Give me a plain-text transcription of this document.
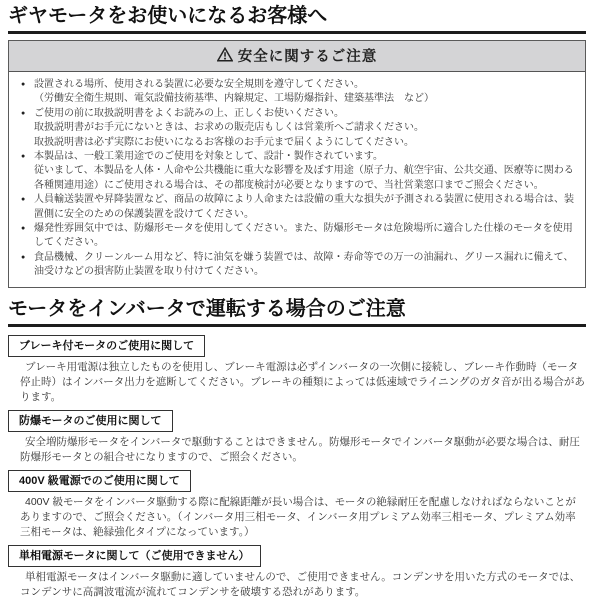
ギヤモータをお使いになるお客様へ
安全に関するご注意
● 設置される場所、使用される装置に必要な安全規則を遵守してください。
（労働安全衛生規則、電気設備技術基準、内線規定、工場防爆指針、建築基準法　など）
● ご使用の前に取扱説明書をよくお読みの上、正しくお使いください。
取扱説明書がお手元にないときは、お求めの販売店もしくは営業所へご請求ください。
取扱説明書は必ず実際にお使いになるお客様のお手元まで届くようにしてください。
● 本製品は、一般工業用途でのご使用を対象として、設計・製作されています。
従いまして、本製品を人体・人命や公共機能に重大な影響を及ぼす用途（原子力、航空宇宙、公共交通、医療等に関わる各種関連用途）にご使用される場合は、その都度検討が必要となりますので、当社営業窓口までご照会ください。
● 人員輸送装置や昇降装置など、商品の故障により人命または設備の重大な損失が予測される装置に使用される場合は、装置側に安全のための保護装置を設けてください。
● 爆発性雰囲気中では、防爆形モータを使用してください。また、防爆形モータは危険場所に適合した仕様のモータを使用してください。
● 食品機械、クリーンルーム用など、特に油気を嫌う装置では、故障・寿命等での万一の油漏れ、グリース漏れに備えて、油受けなどの損害防止装置を取り付けてください。
モータをインバータで運転する場合のご注意
ブレーキ付モータのご使用に関して
ブレーキ用電源は独立したものを使用し、ブレーキ電源は必ずインバータの一次側に接続し、ブレーキ作動時（モータ停止時）はインバータ出力を遮断してください。ブレーキの種類によっては低速域でライニングのガタ音が出る場合があります。
防爆モータのご使用に関して
安全増防爆形モータをインバータで駆動することはできません。防爆形モータでインバータ駆動が必要な場合は、耐圧防爆形モータとの組合せになりますので、ご照会ください。
400V 級電源でのご使用に関して
400V 級モータをインバータ駆動する際に配線距離が長い場合は、モータの絶縁耐圧を配慮しなければならないことがありますので、ご照会ください。（インバータ用三相モータ、インバータ用プレミアム効率三相モータ、プレミアム効率三相モータは、絶縁強化タイプになっています。）
単相電源モータに関して（ご使用できません）
単相電源モータはインバータ駆動に適していませんので、ご使用できません。コンデンサを用いた方式のモータでは、コンデンサに高調波電流が流れてコンデンサを破壊する恐れがあります。
